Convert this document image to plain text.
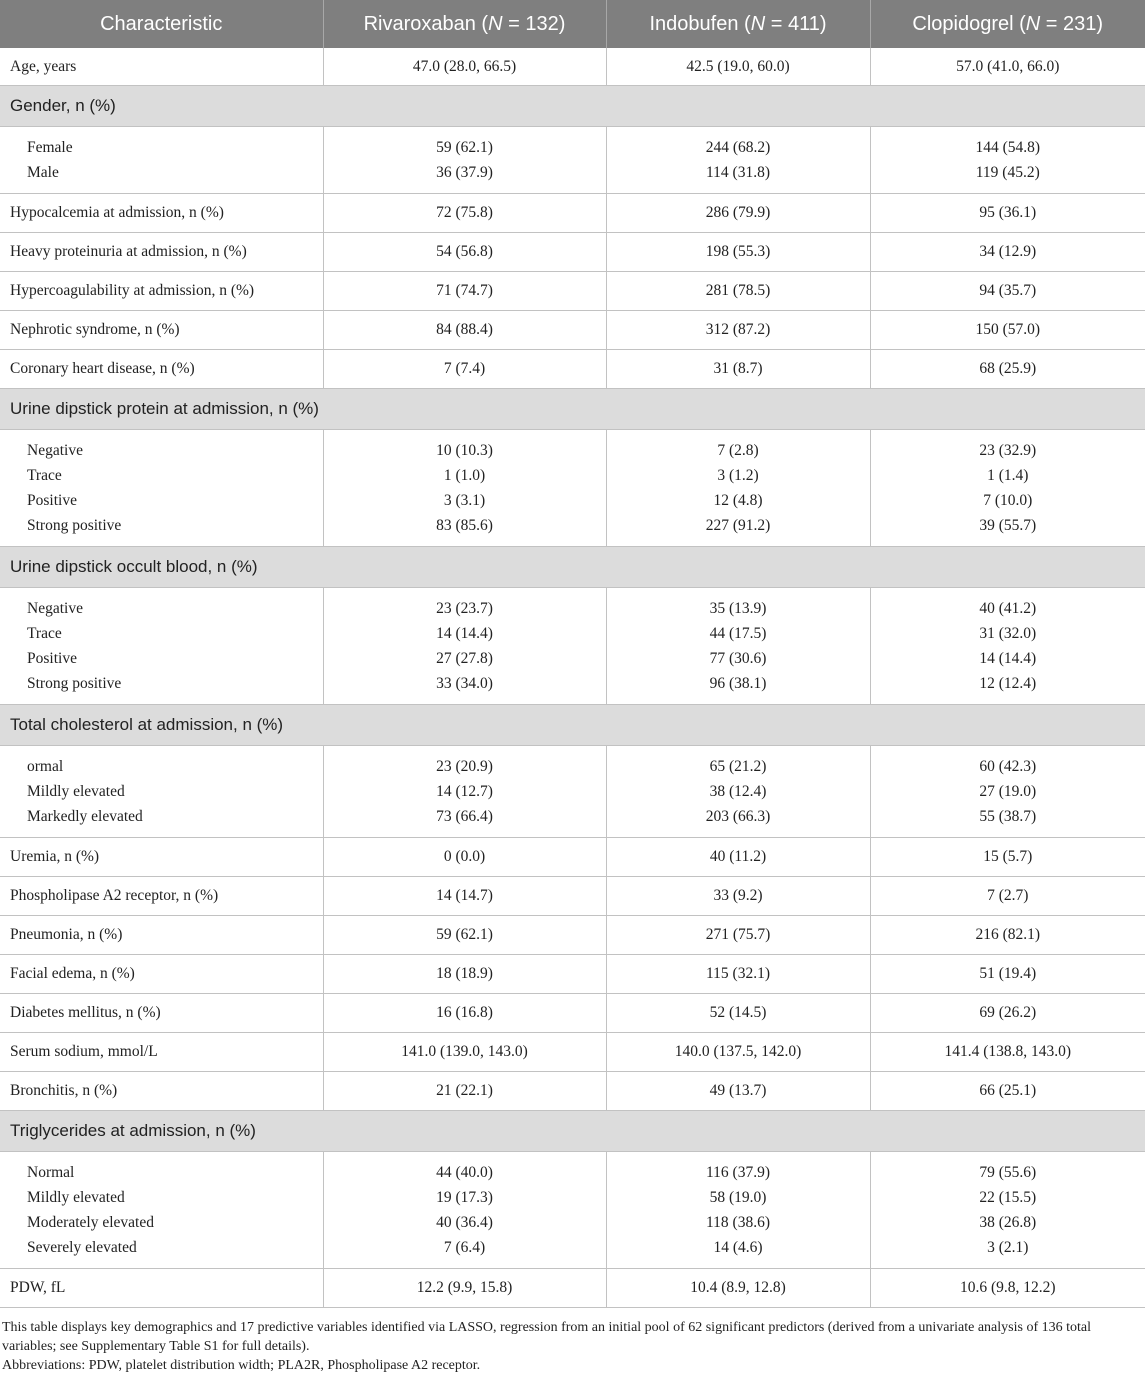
Characteristic	Rivaroxaban (N = 132)	Indobufen (N = 411)	Clopidogrel (N = 231)
Age, years	47.0 (28.0, 66.5)	42.5 (19.0, 60.0)	57.0 (41.0, 66.0)
Gender, n (%)			
Female	59 (62.1)	244 (68.2)	144 (54.8)
Male	36 (37.9)	114 (31.8)	119 (45.2)
Hypocalcemia at admission, n (%)	72 (75.8)	286 (79.9)	95 (36.1)
Heavy proteinuria at admission, n (%)	54 (56.8)	198 (55.3)	34 (12.9)
Hypercoagulability at admission, n (%)	71 (74.7)	281 (78.5)	94 (35.7)
Nephrotic syndrome, n (%)	84 (88.4)	312 (87.2)	150 (57.0)
Coronary heart disease, n (%)	7 (7.4)	31 (8.7)	68 (25.9)
Urine dipstick protein at admission, n (%)			
Negative	10 (10.3)	7 (2.8)	23 (32.9)
Trace	1 (1.0)	3 (1.2)	1 (1.4)
Positive	3 (3.1)	12 (4.8)	7 (10.0)
Strong positive	83 (85.6)	227 (91.2)	39 (55.7)
Urine dipstick occult blood, n (%)			
Negative	23 (23.7)	35 (13.9)	40 (41.2)
Trace	14 (14.4)	44 (17.5)	31 (32.0)
Positive	27 (27.8)	77 (30.6)	14 (14.4)
Strong positive	33 (34.0)	96 (38.1)	12 (12.4)
Total cholesterol at admission, n (%)			
ormal	23 (20.9)	65 (21.2)	60 (42.3)
Mildly elevated	14 (12.7)	38 (12.4)	27 (19.0)
Markedly elevated	73 (66.4)	203 (66.3)	55 (38.7)
Uremia, n (%)	0 (0.0)	40 (11.2)	15 (5.7)
Phospholipase A2 receptor, n (%)	14 (14.7)	33 (9.2)	7 (2.7)
Pneumonia, n (%)	59 (62.1)	271 (75.7)	216 (82.1)
Facial edema, n (%)	18 (18.9)	115 (32.1)	51 (19.4)
Diabetes mellitus, n (%)	16 (16.8)	52 (14.5)	69 (26.2)
Serum sodium, mmol/L	141.0 (139.0, 143.0)	140.0 (137.5, 142.0)	141.4 (138.8, 143.0)
Bronchitis, n (%)	21 (22.1)	49 (13.7)	66 (25.1)
Triglycerides at admission, n (%)			
Normal	44 (40.0)	116 (37.9)	79 (55.6)
Mildly elevated	19 (17.3)	58 (19.0)	22 (15.5)
Moderately elevated	40 (36.4)	118 (38.6)	38 (26.8)
Severely elevated	7 (6.4)	14 (4.6)	3 (2.1)
PDW, fL	12.2 (9.9, 15.8)	10.4 (8.9, 12.8)	10.6 (9.8, 12.2)

This table displays key demographics and 17 predictive variables identified via LASSO, regression from an initial pool of 62 significant predictors (derived from a univariate analysis of 136 total variables; see Supplementary Table S1 for full details).

Abbreviations: PDW, platelet distribution width; PLA2R, Phospholipase A2 receptor.
